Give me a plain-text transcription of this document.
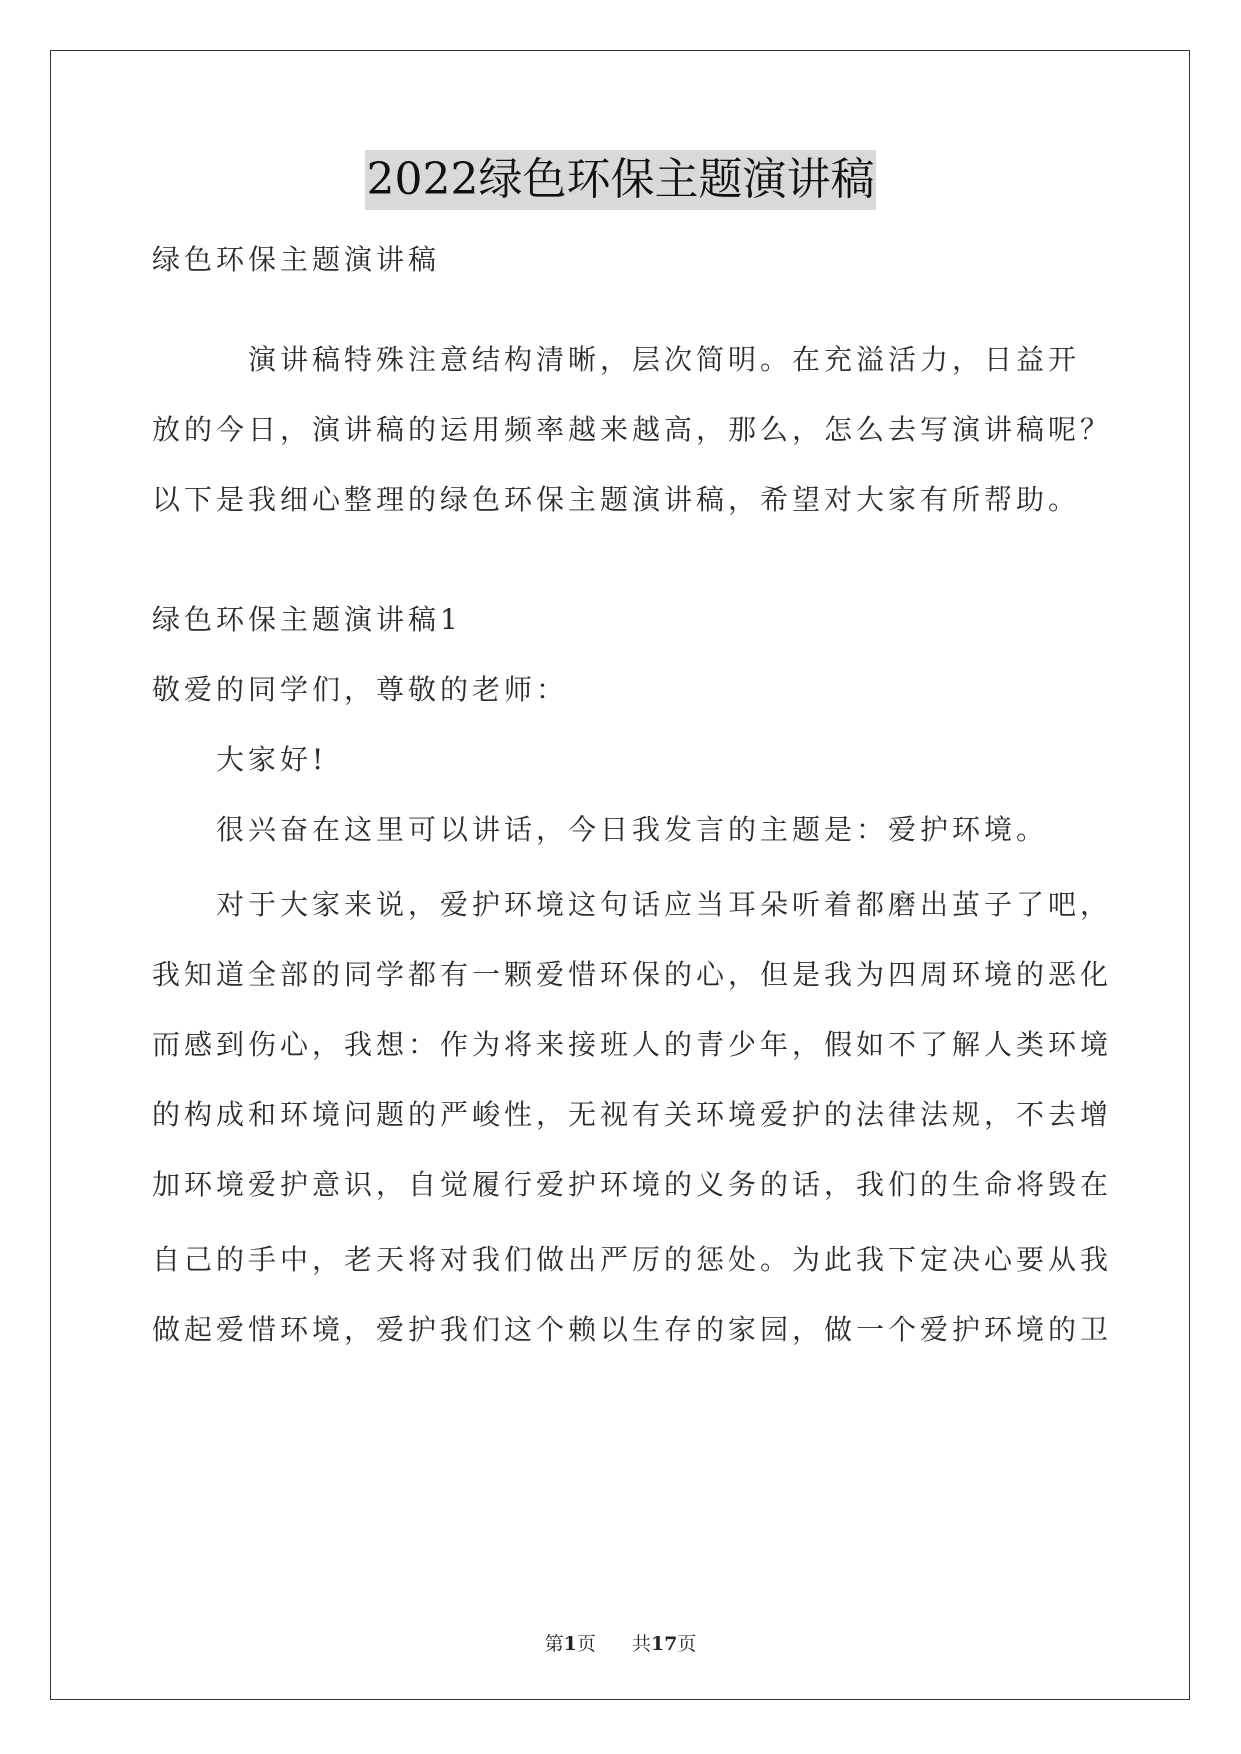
2022绿色环保主题演讲稿
绿色环保主题演讲稿
　　　演讲稿特殊注意结构清晰，层次简明。在充溢活力，日益开
放的今日，演讲稿的运用频率越来越高，那么，怎么去写演讲稿呢？
以下是我细心整理的绿色环保主题演讲稿，希望对大家有所帮助。
绿色环保主题演讲稿1
敬爱的同学们，尊敬的老师：
　　大家好!
　　很兴奋在这里可以讲话，今日我发言的主题是：爱护环境。
　　对于大家来说，爱护环境这句话应当耳朵听着都磨出茧子了吧，
我知道全部的同学都有一颗爱惜环保的心，但是我为四周环境的恶化
而感到伤心，我想：作为将来接班人的青少年，假如不了解人类环境
的构成和环境问题的严峻性，无视有关环境爱护的法律法规，不去增
加环境爱护意识，自觉履行爱护环境的义务的话，我们的生命将毁在
自己的手中，老天将对我们做出严厉的惩处。为此我下定决心要从我
做起爱惜环境，爱护我们这个赖以生存的家园，做一个爱护环境的卫
第1页 共17页
